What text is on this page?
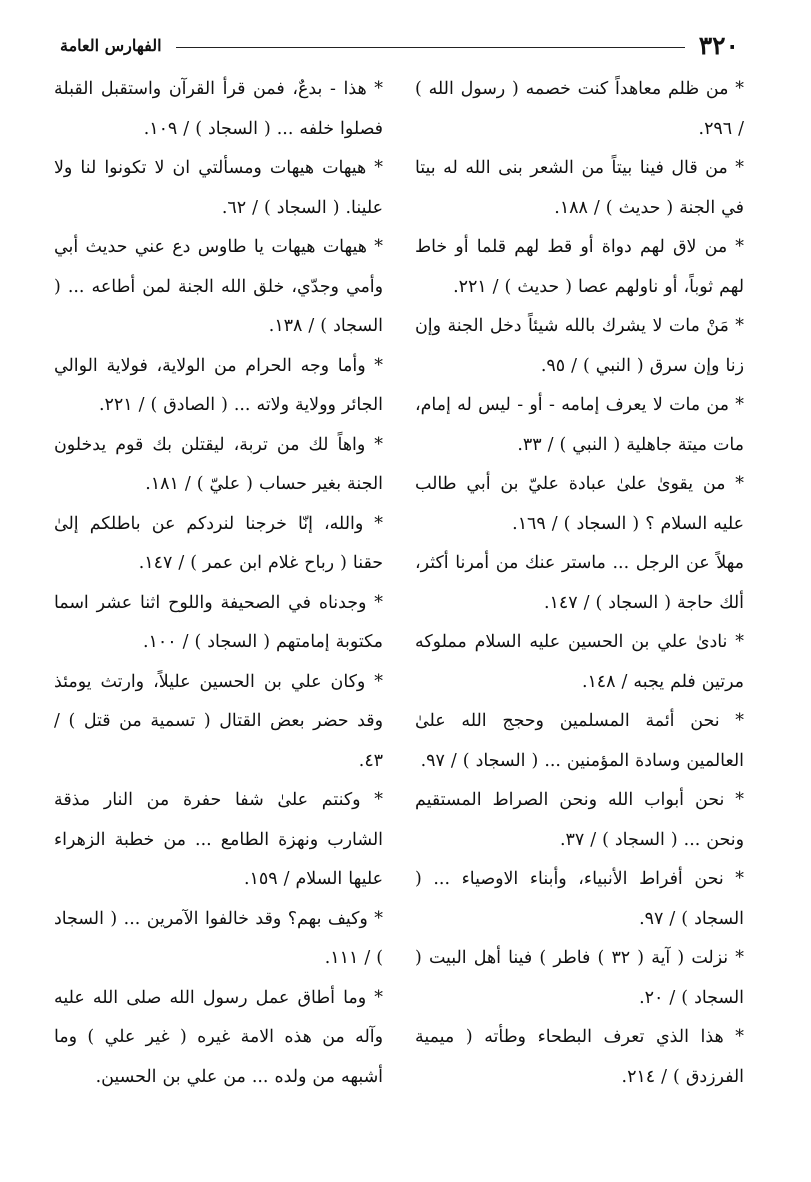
٣٢٠
الفهارس العامة

* من ظلم معاهداً كنت خصمه ( رسول الله ) / ٢٩٦.

* من قال فينا بيتاً من الشعر بنى الله له بيتا في الجنة ( حديث ) / ١٨٨.

* من لاق لهم دواة أو قط لهم قلما أو خاط لهم ثوباً، أو ناولهم عصا ( حديث ) / ٢٢١.

* مَنْ مات لا يشرك بالله شيئاً دخل الجنة وإن زنا وإن سرق ( النبي ) / ٩٥.

* من مات لا يعرف إمامه - أو - ليس له إمام، مات ميتة جاهلية ( النبي ) / ٣٣.

* من يقوىٰ علىٰ عبادة عليّ بن أبي طالب عليه السلام ؟ ( السجاد ) / ١٦٩.

مهلاً عن الرجل ... ماستر عنك من أمرنا أكثر، ألك حاجة ( السجاد ) / ١٤٧.

* نادىٰ علي بن الحسين عليه السلام مملوكه مرتين فلم يجبه / ١٤٨.

* نحن أئمة المسلمين وحجج الله علىٰ العالمين وسادة المؤمنين ... ( السجاد ) / ٩٧.

* نحن أبواب الله ونحن الصراط المستقيم ونحن ... ( السجاد ) / ٣٧.

* نحن أفراط الأنبياء، وأبناء الاوصياء ... ( السجاد ) / ٩٧.

* نزلت ( آية ( ٣٢ ) فاطر ) فينا أهل البيت ( السجاد ) / ٢٠.

* هذا الذي تعرف البطحاء وطأته ( ميمية الفرزدق ) / ٢١٤.

* هذا - بدعٌ، فمن قرأ القرآن واستقبل القبلة فصلوا خلفه ... ( السجاد ) / ١٠٩.

* هيهات هيهات ومسألتي ان لا تكونوا لنا ولا علينا. ( السجاد ) / ٦٢.

* هيهات هيهات يا طاوس دع عني حديث أبي وأمي وجدّي، خلق الله الجنة لمن أطاعه ... ( السجاد ) / ١٣٨.

* وأما وجه الحرام من الولاية، فولاية الوالي الجائر وولاية ولاته ... ( الصادق ) / ٢٢١.

* واهاً لك من تربة، ليقتلن بك قوم يدخلون الجنة بغير حساب ( عليّ ) / ١٨١.

* والله، إنّا خرجنا لنردكم عن باطلكم إلىٰ حقنا ( رباح غلام ابن عمر ) / ١٤٧.

* وجدناه في الصحيفة واللوح اثنا عشر اسما مكتوبة إمامتهم ( السجاد ) / ١٠٠.

* وكان علي بن الحسين عليلاً، وارتث يومئذ وقد حضر بعض القتال ( تسمية من قتل ) / ٤٣.

* وكنتم علىٰ شفا حفرة من النار مذقة الشارب ونهزة الطامع ... من خطبة الزهراء عليها السلام / ١٥٩.

* وكيف بهم؟ وقد خالفوا الآمرين ... ( السجاد ) / ١١١.

* وما أطاق عمل رسول الله صلى الله عليه وآله من هذه الامة غيره ( غير علي ) وما أشبهه من ولده ... من علي بن الحسين.
